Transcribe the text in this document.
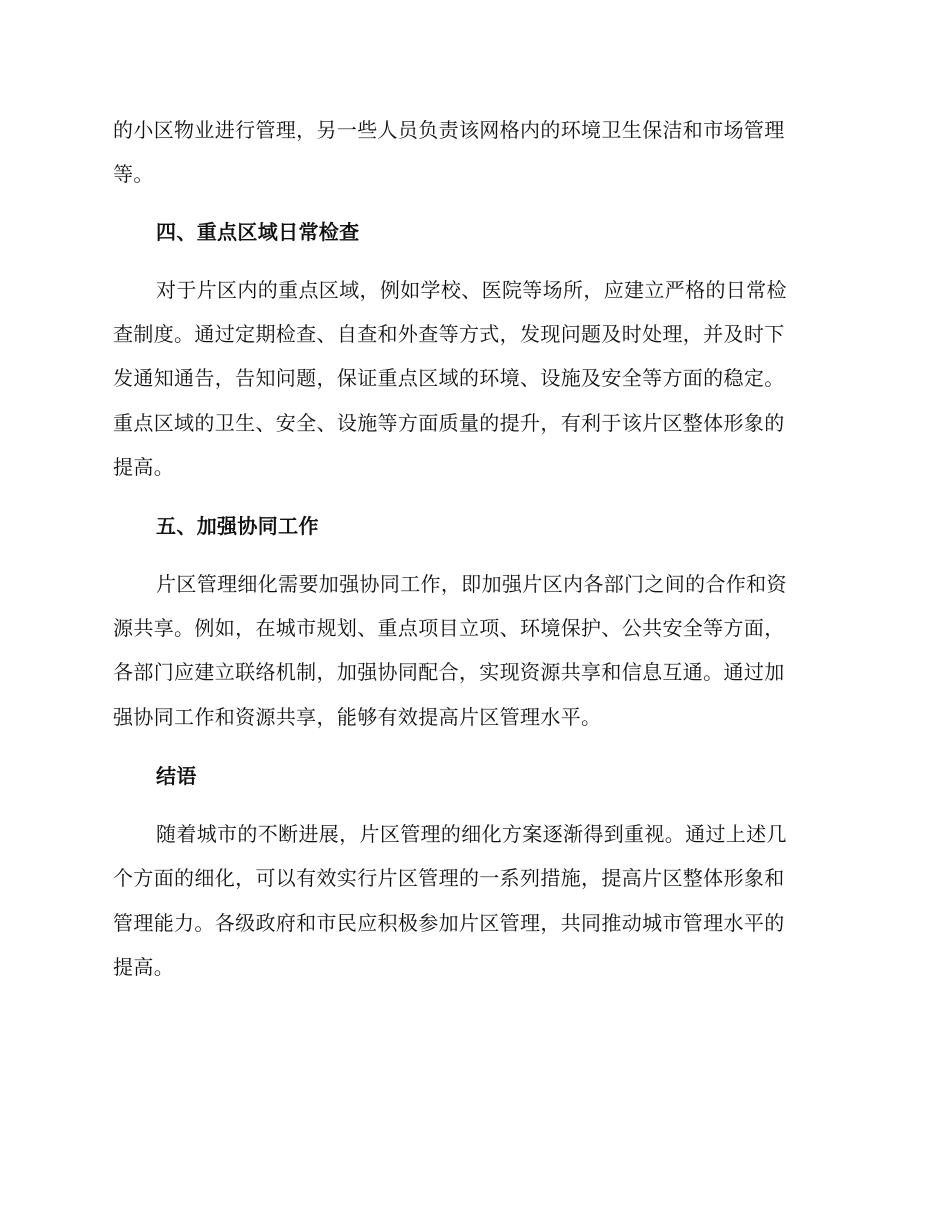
的小区物业进行管理，另一些人员负责该网格内的环境卫生保洁和市场管理
等。
四、重点区域日常检查
对于片区内的重点区域，例如学校、医院等场所，应建立严格的日常检
查制度。通过定期检查、自查和外查等方式，发现问题及时处理，并及时下
发通知通告，告知问题，保证重点区域的环境、设施及安全等方面的稳定。
重点区域的卫生、安全、设施等方面质量的提升，有利于该片区整体形象的
提高。
五、加强协同工作
片区管理细化需要加强协同工作，即加强片区内各部门之间的合作和资
源共享。例如，在城市规划、重点项目立项、环境保护、公共安全等方面，
各部门应建立联络机制，加强协同配合，实现资源共享和信息互通。通过加
强协同工作和资源共享，能够有效提高片区管理水平。
结语
随着城市的不断进展，片区管理的细化方案逐渐得到重视。通过上述几
个方面的细化，可以有效实行片区管理的一系列措施，提高片区整体形象和
管理能力。各级政府和市民应积极参加片区管理，共同推动城市管理水平的
提高。
